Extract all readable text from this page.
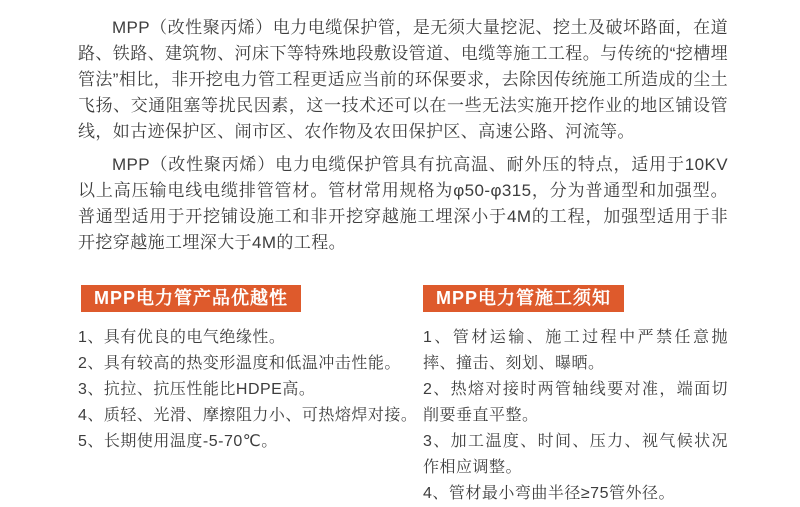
MPP（改性聚丙烯）电力电缆保护管，是无须大量挖泥、挖土及破坏路面，在道路、铁路、建筑物、河床下等特殊地段敷设管道、电缆等施工工程。与传统的“挖槽埋管法”相比，非开挖电力管工程更适应当前的环保要求，去除因传统施工所造成的尘土飞扬、交通阻塞等扰民因素，这一技术还可以在一些无法实施开挖作业的地区铺设管线，如古迹保护区、闹市区、农作物及农田保护区、高速公路、河流等。

MPP（改性聚丙烯）电力电缆保护管具有抗高温、耐外压的特点，适用于10KV以上高压输电线电缆排管管材。管材常用规格为φ50-φ315，分为普通型和加强型。普通型适用于开挖铺设施工和非开挖穿越施工埋深小于4M的工程，加强型适用于非开挖穿越施工埋深大于4M的工程。

MPP电力管产品优越性
1、具有优良的电气绝缘性。
2、具有较高的热变形温度和低温冲击性能。
3、抗拉、抗压性能比HDPE高。
4、质轻、光滑、摩擦阻力小、可热熔焊对接。
5、长期使用温度-5-70℃。
MPP电力管施工须知
1、管材运输、施工过程中严禁任意抛摔、撞击、刻划、曝晒。
2、热熔对接时两管轴线要对准，端面切削要垂直平整。
3、加工温度、时间、压力、视气候状况作相应调整。
4、管材最小弯曲半径≥75管外径。
